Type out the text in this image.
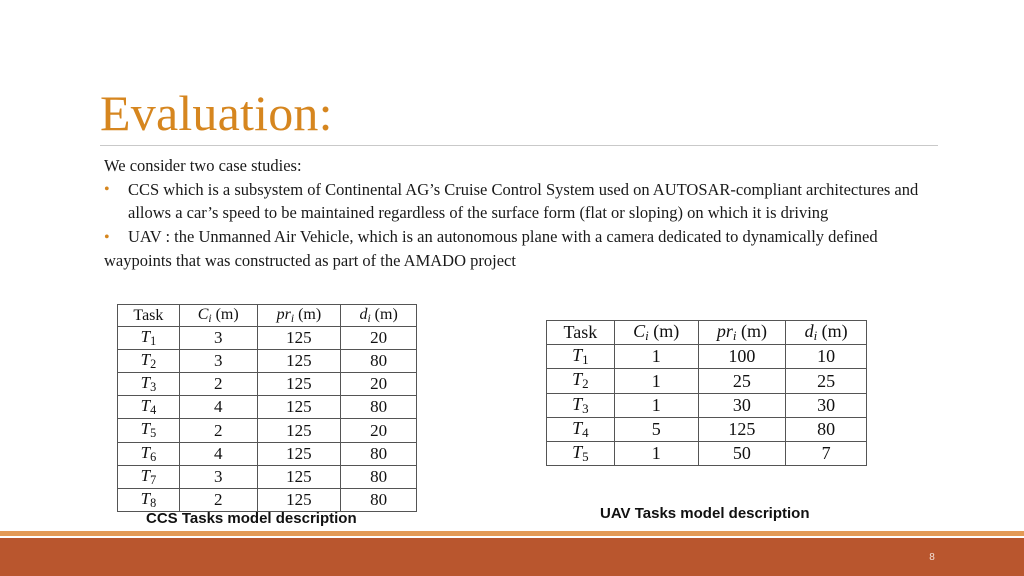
Evaluation:
We consider two case studies:
• CCS which is a subsystem of Continental AG’s Cruise Control System used on AUTOSAR-compliant architectures and allows a car’s speed to be maintained regardless of the surface form (flat or sloping) on which it is driving
• UAV : the Unmanned Air Vehicle, which is an autonomous plane with a camera dedicated to dynamically defined waypoints that was constructed as part of the AMADO project
Task	$C_i$ (m)	$pr_i$ (m)	$d_i$ (m)
$T_1$	3	125	20
$T_2$	3	125	80
$T_3$	2	125	20
$T_4$	4	125	80
$T_5$	2	125	20
$T_6$	4	125	80
$T_7$	3	125	80
$T_8$	2	125	80
CCS Tasks model description
Task	$C_i$ (m)	$pr_i$ (m)	$d_i$ (m)
$T_1$	1	100	10
$T_2$	1	25	25
$T_3$	1	30	30
$T_4$	5	125	80
$T_5$	1	50	7
UAV Tasks model description
8
